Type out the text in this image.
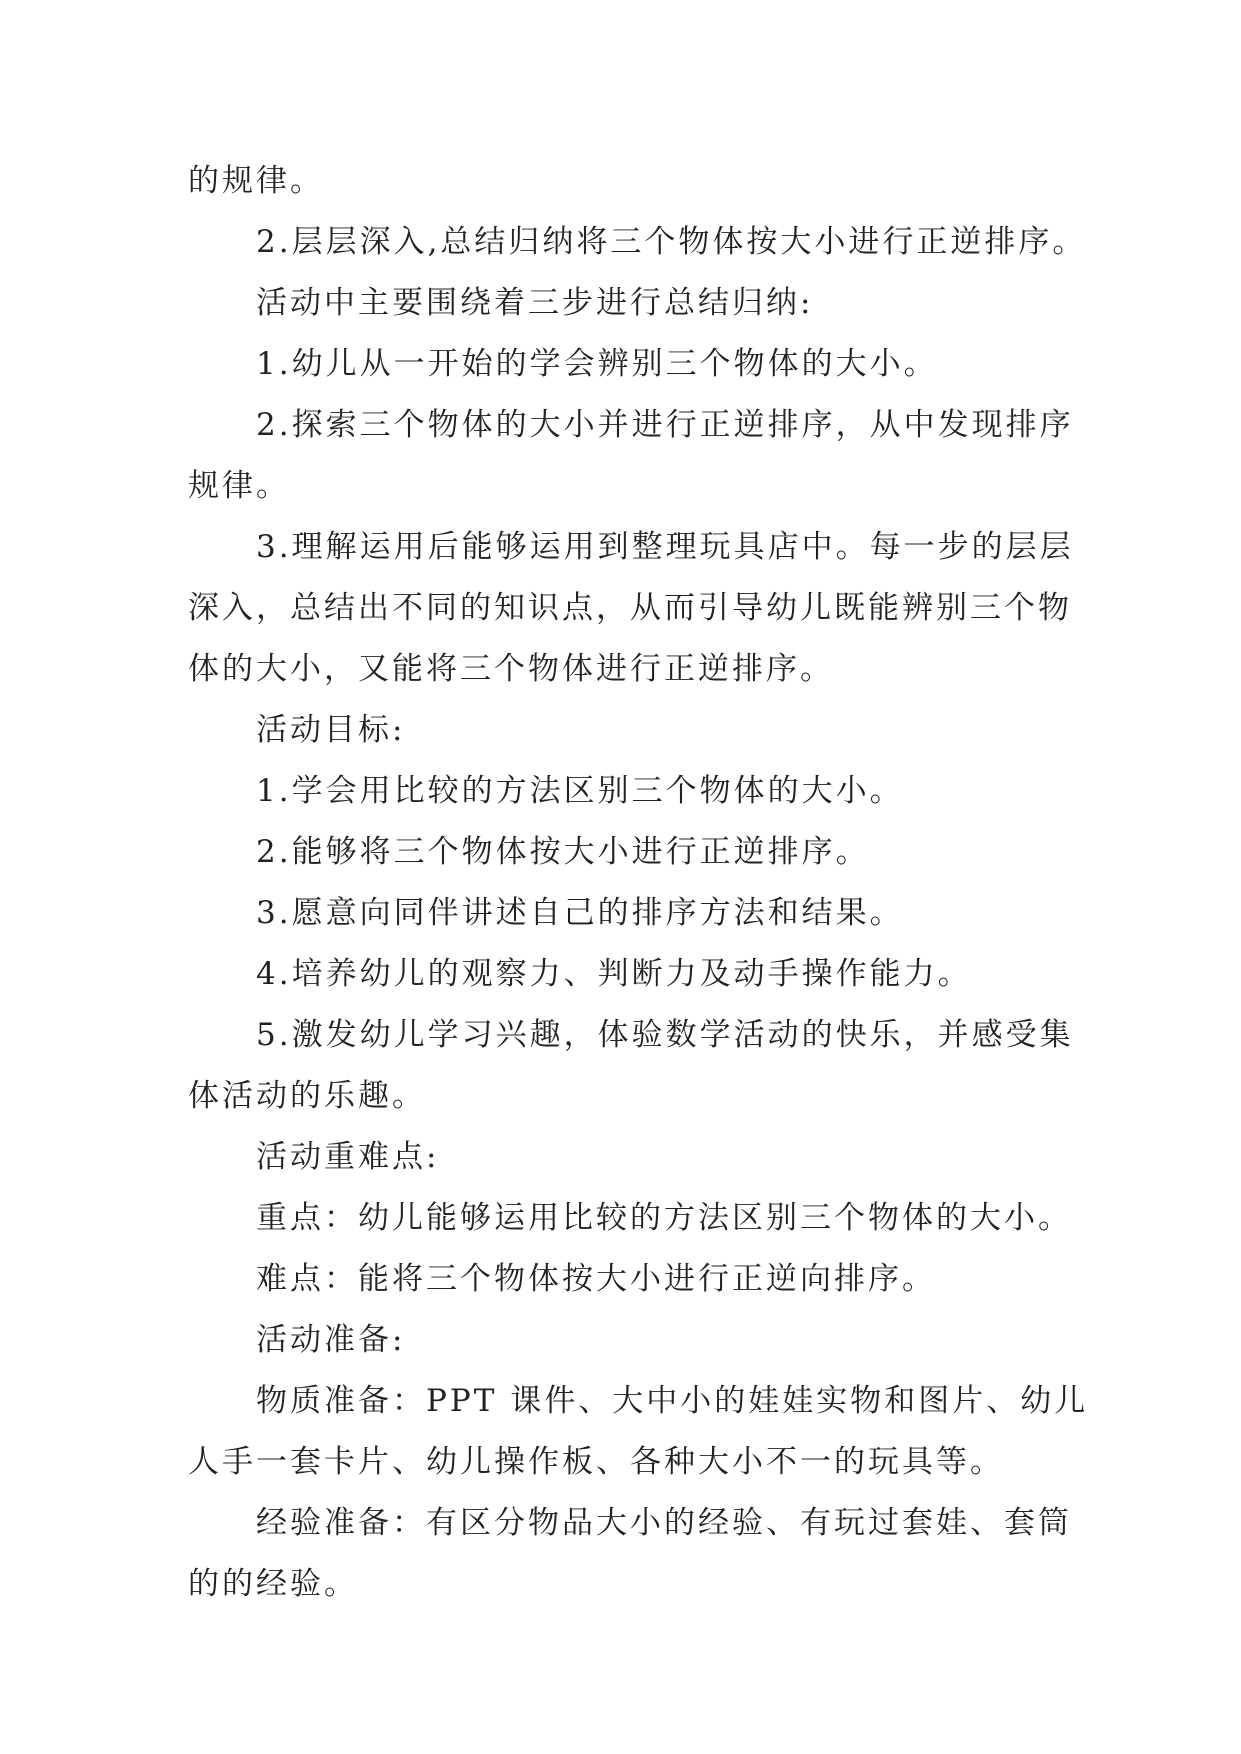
的规律。
2.层层深入,总结归纳将三个物体按大小进行正逆排序。
活动中主要围绕着三步进行总结归纳:
1.幼儿从一开始的学会辨别三个物体的大小。
2.探索三个物体的大小并进行正逆排序，从中发现排序
规律。
3.理解运用后能够运用到整理玩具店中。每一步的层层
深入，总结出不同的知识点，从而引导幼儿既能辨别三个物
体的大小，又能将三个物体进行正逆排序。
活动目标:
1.学会用比较的方法区别三个物体的大小。
2.能够将三个物体按大小进行正逆排序。
3.愿意向同伴讲述自己的排序方法和结果。
4.培养幼儿的观察力、判断力及动手操作能力。
5.激发幼儿学习兴趣，体验数学活动的快乐，并感受集
体活动的乐趣。
活动重难点:
重点：幼儿能够运用比较的方法区别三个物体的大小。
难点：能将三个物体按大小进行正逆向排序。
活动准备:
物质准备：PPT 课件、大中小的娃娃实物和图片、幼儿
人手一套卡片、幼儿操作板、各种大小不一的玩具等。
经验准备：有区分物品大小的经验、有玩过套娃、套筒
的的经验。
